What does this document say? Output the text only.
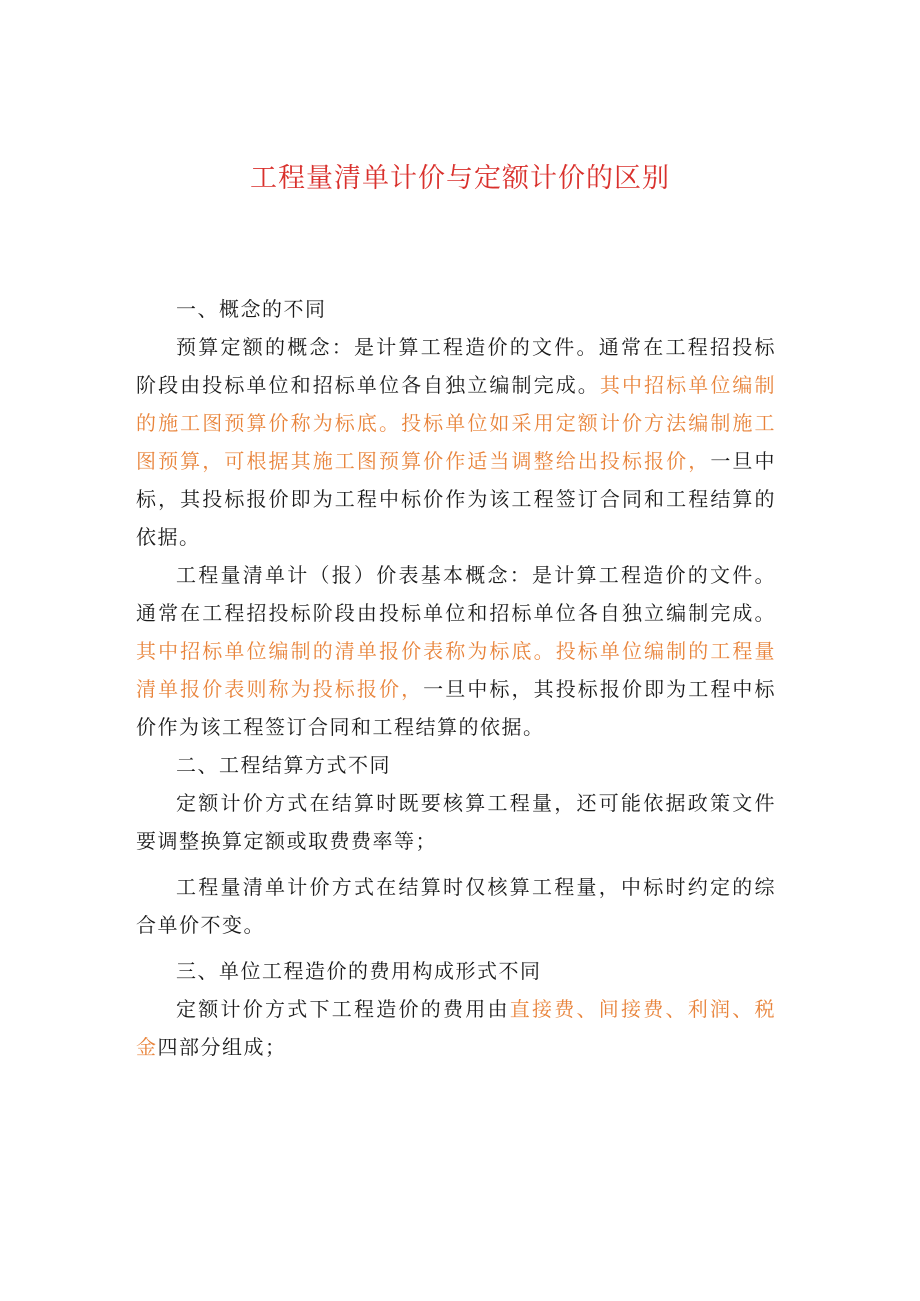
工程量清单计价与定额计价的区别

一、概念的不同

预算定额的概念：是计算工程造价的文件。通常在工程招投标阶段由投标单位和招标单位各自独立编制完成。其中招标单位编制的施工图预算价称为标底。投标单位如采用定额计价方法编制施工图预算，可根据其施工图预算价作适当调整给出投标报价，一旦中标，其投标报价即为工程中标价作为该工程签订合同和工程结算的依据。

工程量清单计（报）价表基本概念：是计算工程造价的文件。通常在工程招投标阶段由投标单位和招标单位各自独立编制完成。其中招标单位编制的清单报价表称为标底。投标单位编制的工程量清单报价表则称为投标报价，一旦中标，其投标报价即为工程中标价作为该工程签订合同和工程结算的依据。

二、工程结算方式不同

定额计价方式在结算时既要核算工程量，还可能依据政策文件要调整换算定额或取费费率等；

工程量清单计价方式在结算时仅核算工程量，中标时约定的综合单价不变。

三、单位工程造价的费用构成形式不同

定额计价方式下工程造价的费用由直接费、间接费、利润、税金四部分组成；
